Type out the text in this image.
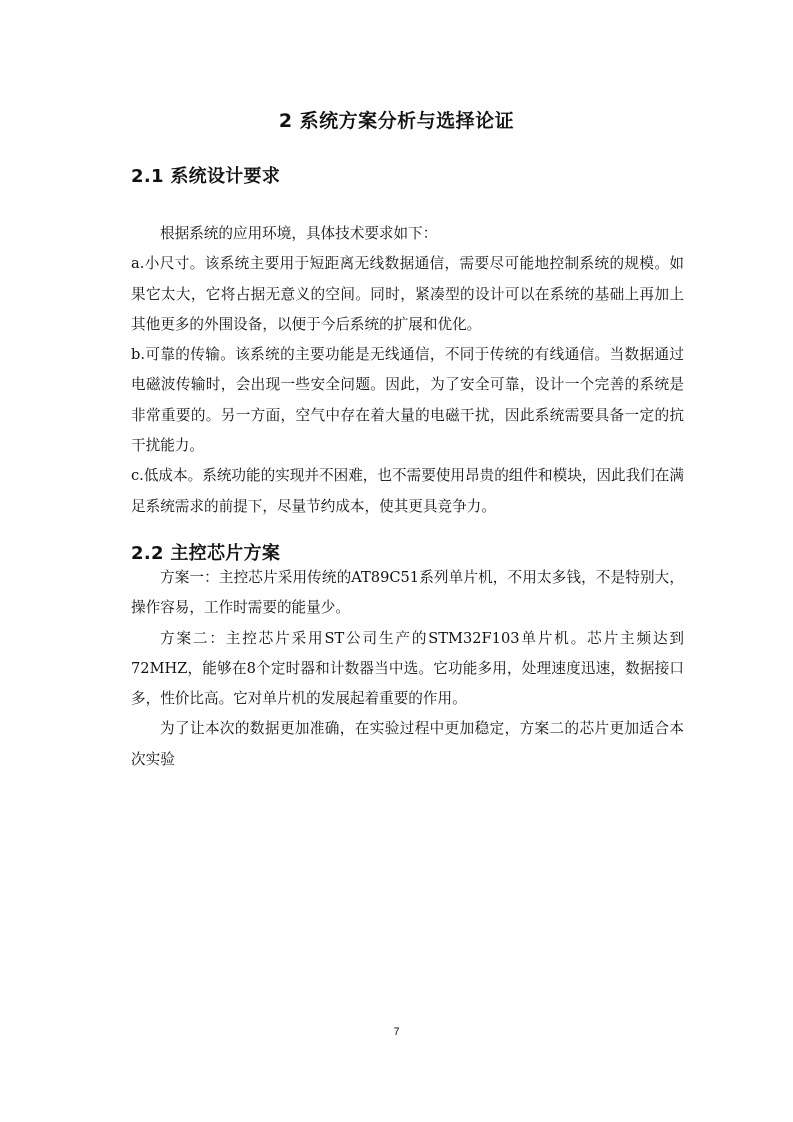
2 系统方案分析与选择论证
2.1 系统设计要求

根据系统的应用环境，具体技术要求如下：

a.小尺寸。该系统主要用于短距离无线数据通信，需要尽可能地控制系统的规模。如果它太大，它将占据无意义的空间。同时，紧凑型的设计可以在系统的基础上再加上其他更多的外围设备，以便于今后系统的扩展和优化。

b.可靠的传输。该系统的主要功能是无线通信，不同于传统的有线通信。当数据通过电磁波传输时，会出现一些安全问题。因此，为了安全可靠，设计一个完善的系统是非常重要的。另一方面，空气中存在着大量的电磁干扰，因此系统需要具备一定的抗干扰能力。

c.低成本。系统功能的实现并不困难，也不需要使用昂贵的组件和模块，因此我们在满足系统需求的前提下，尽量节约成本，使其更具竞争力。

2.2 主控芯片方案

方案一：主控芯片采用传统的AT89C51系列单片机，不用太多钱，不是特别大，操作容易，工作时需要的能量少。

方案二：主控芯片采用ST公司生产的STM32F103单片机。芯片主频达到72MHZ，能够在8个定时器和计数器当中选。它功能多用，处理速度迅速，数据接口多，性价比高。它对单片机的发展起着重要的作用。

为了让本次的数据更加准确，在实验过程中更加稳定，方案二的芯片更加适合本次实验

7
